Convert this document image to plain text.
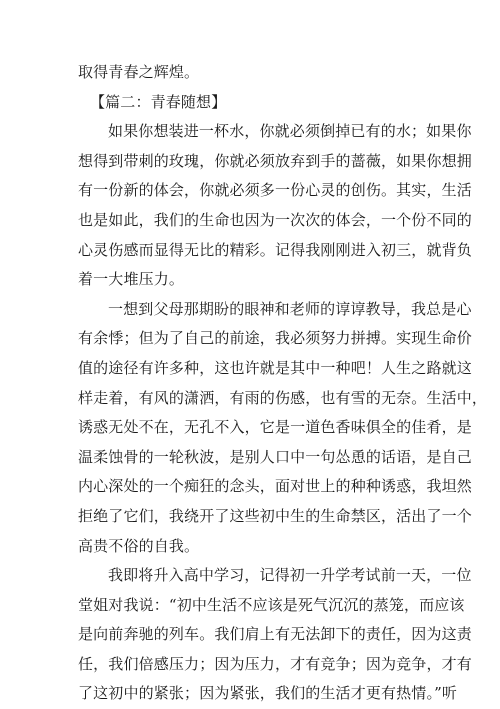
取得青春之辉煌。
【篇二：青春随想】
如果你想装进一杯水，你就必须倒掉已有的水；如果你
想得到带刺的玫瑰，你就必须放弃到手的蔷薇，如果你想拥
有一份新的体会，你就必须多一份心灵的创伤。其实，生活
也是如此，我们的生命也因为一次次的体会，一个份不同的
心灵伤感而显得无比的精彩。记得我刚刚进入初三，就背负
着一大堆压力。
一想到父母那期盼的眼神和老师的谆谆教导，我总是心
有余悸；但为了自己的前途，我必须努力拼搏。实现生命价
值的途径有许多种，这也许就是其中一种吧！人生之路就这
样走着，有风的潇洒，有雨的伤感，也有雪的无奈。生活中，
诱惑无处不在，无孔不入，它是一道色香味俱全的佳肴，是
温柔蚀骨的一轮秋波，是别人口中一句怂恿的话语，是自己
内心深处的一个痴狂的念头，面对世上的种种诱惑，我坦然
拒绝了它们，我绕开了这些初中生的生命禁区，活出了一个
高贵不俗的自我。
我即将升入高中学习，记得初一升学考试前一天，一位
堂姐对我说：“初中生活不应该是死气沉沉的蒸笼，而应该
是向前奔驰的列车。我们肩上有无法卸下的责任，因为这责
任，我们倍感压力；因为压力，才有竞争；因为竞争，才有
了这初中的紧张；因为紧张，我们的生活才更有热情。”听
